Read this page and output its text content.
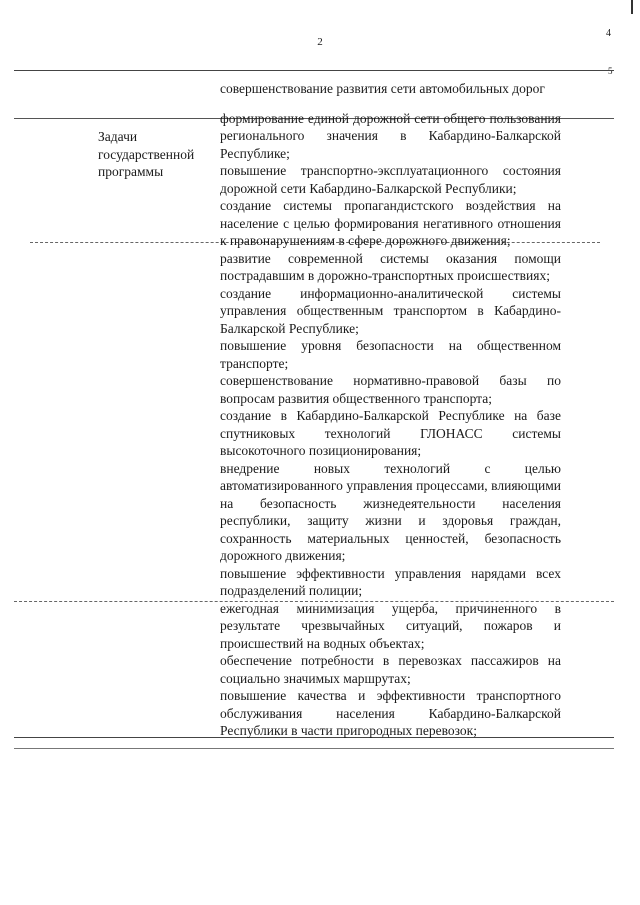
4
2
5
Задачи государственной программы

совершенствование развития сети автомобильных дорог

формирование единой дорожной сети общего пользования регионального значения в Кабардино-Балкарской Республике;

повышение транспортно-эксплуатационного состояния дорожной сети Кабардино-Балкарской Республики;

создание системы пропагандистского воздействия на население с целью формирования негативного отношения к правонарушениям в сфере дорожного движения;

развитие современной системы оказания помощи пострадавшим в дорожно-транспортных происшествиях;

создание информационно-аналитической системы управления общественным транспортом в Кабардино-Балкарской Республике;

повышение уровня безопасности на общественном транспорте;

совершенствование нормативно-правовой базы по вопросам развития общественного транспорта;

создание в Кабардино-Балкарской Республике на базе спутниковых технологий ГЛОНАСС системы высокоточного позиционирования;

внедрение новых технологий с целью автоматизированного управления процессами, влияющими на безопасность жизнедеятельности населения республики, защиту жизни и здоровья граждан, сохранность материальных ценностей, безопасность дорожного движения;

повышение эффективности управления нарядами всех подразделений полиции;

ежегодная минимизация ущерба, причиненного в результате чрезвычайных ситуаций, пожаров и происшествий на водных объектах;

обеспечение потребности в перевозках пассажиров на социально значимых маршрутах;

повышение качества и эффективности транспортного обслуживания населения Кабардино-Балкарской Республики в части пригородных перевозок;
